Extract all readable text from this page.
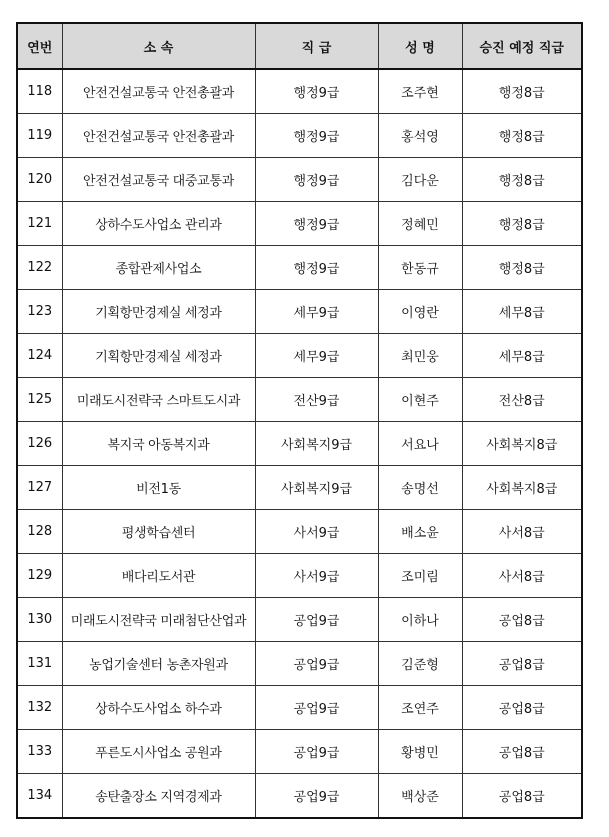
연번	소 속	직 급	성 명	승진 예정 직급
118	안전건설교통국 안전총괄과	행정9급	조주현	행정8급
119	안전건설교통국 안전총괄과	행정9급	홍석영	행정8급
120	안전건설교통국 대중교통과	행정9급	김다운	행정8급
121	상하수도사업소 관리과	행정9급	정혜민	행정8급
122	종합관제사업소	행정9급	한동규	행정8급
123	기획항만경제실 세정과	세무9급	이영란	세무8급
124	기획항만경제실 세정과	세무9급	최민웅	세무8급
125	미래도시전략국 스마트도시과	전산9급	이현주	전산8급
126	복지국 아동복지과	사회복지9급	서요나	사회복지8급
127	비전1동	사회복지9급	송명선	사회복지8급
128	평생학습센터	사서9급	배소윤	사서8급
129	배다리도서관	사서9급	조미림	사서8급
130	미래도시전략국 미래첨단산업과	공업9급	이하나	공업8급
131	농업기술센터 농촌자원과	공업9급	김준형	공업8급
132	상하수도사업소 하수과	공업9급	조연주	공업8급
133	푸른도시사업소 공원과	공업9급	황병민	공업8급
134	송탄출장소 지역경제과	공업9급	백상준	공업8급
